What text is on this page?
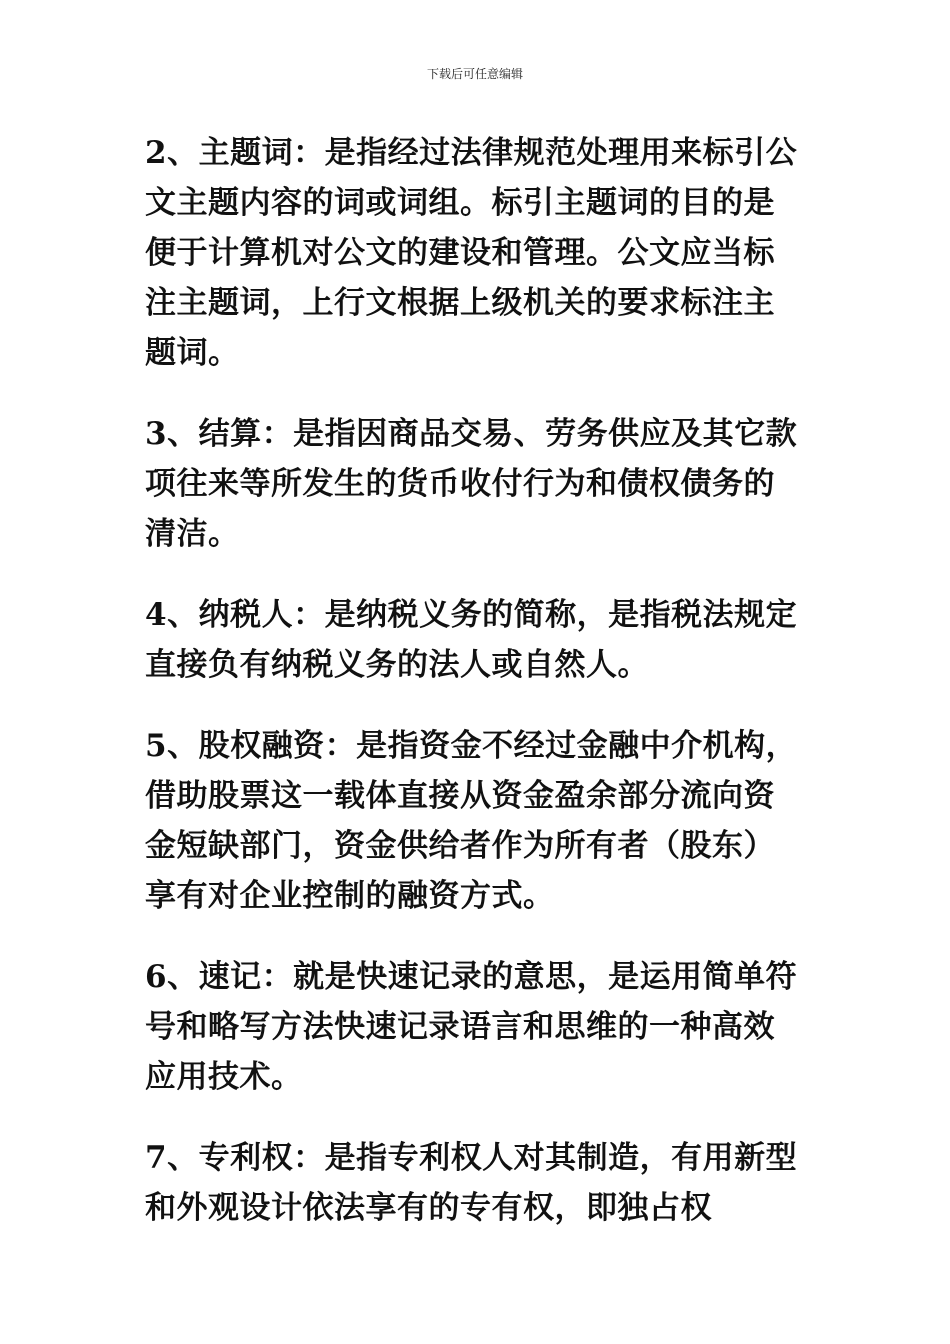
下载后可任意编辑

2、主题词：是指经过法律规范处理用来标引公
文主题内容的词或词组。标引主题词的目的是
便于计算机对公文的建设和管理。公文应当标
注主题词，上行文根据上级机关的要求标注主
题词。

3、结算：是指因商品交易、劳务供应及其它款
项往来等所发生的货币收付行为和债权债务的
清洁。

4、纳税人：是纳税义务的简称，是指税法规定
直接负有纳税义务的法人或自然人。

5、股权融资：是指资金不经过金融中介机构，
借助股票这一载体直接从资金盈余部分流向资
金短缺部门，资金供给者作为所有者（股东）
享有对企业控制的融资方式。

6、速记：就是快速记录的意思，是运用简单符
号和略写方法快速记录语言和思维的一种高效
应用技术。

7、专利权：是指专利权人对其制造，有用新型
和外观设计依法享有的专有权，即独占权
